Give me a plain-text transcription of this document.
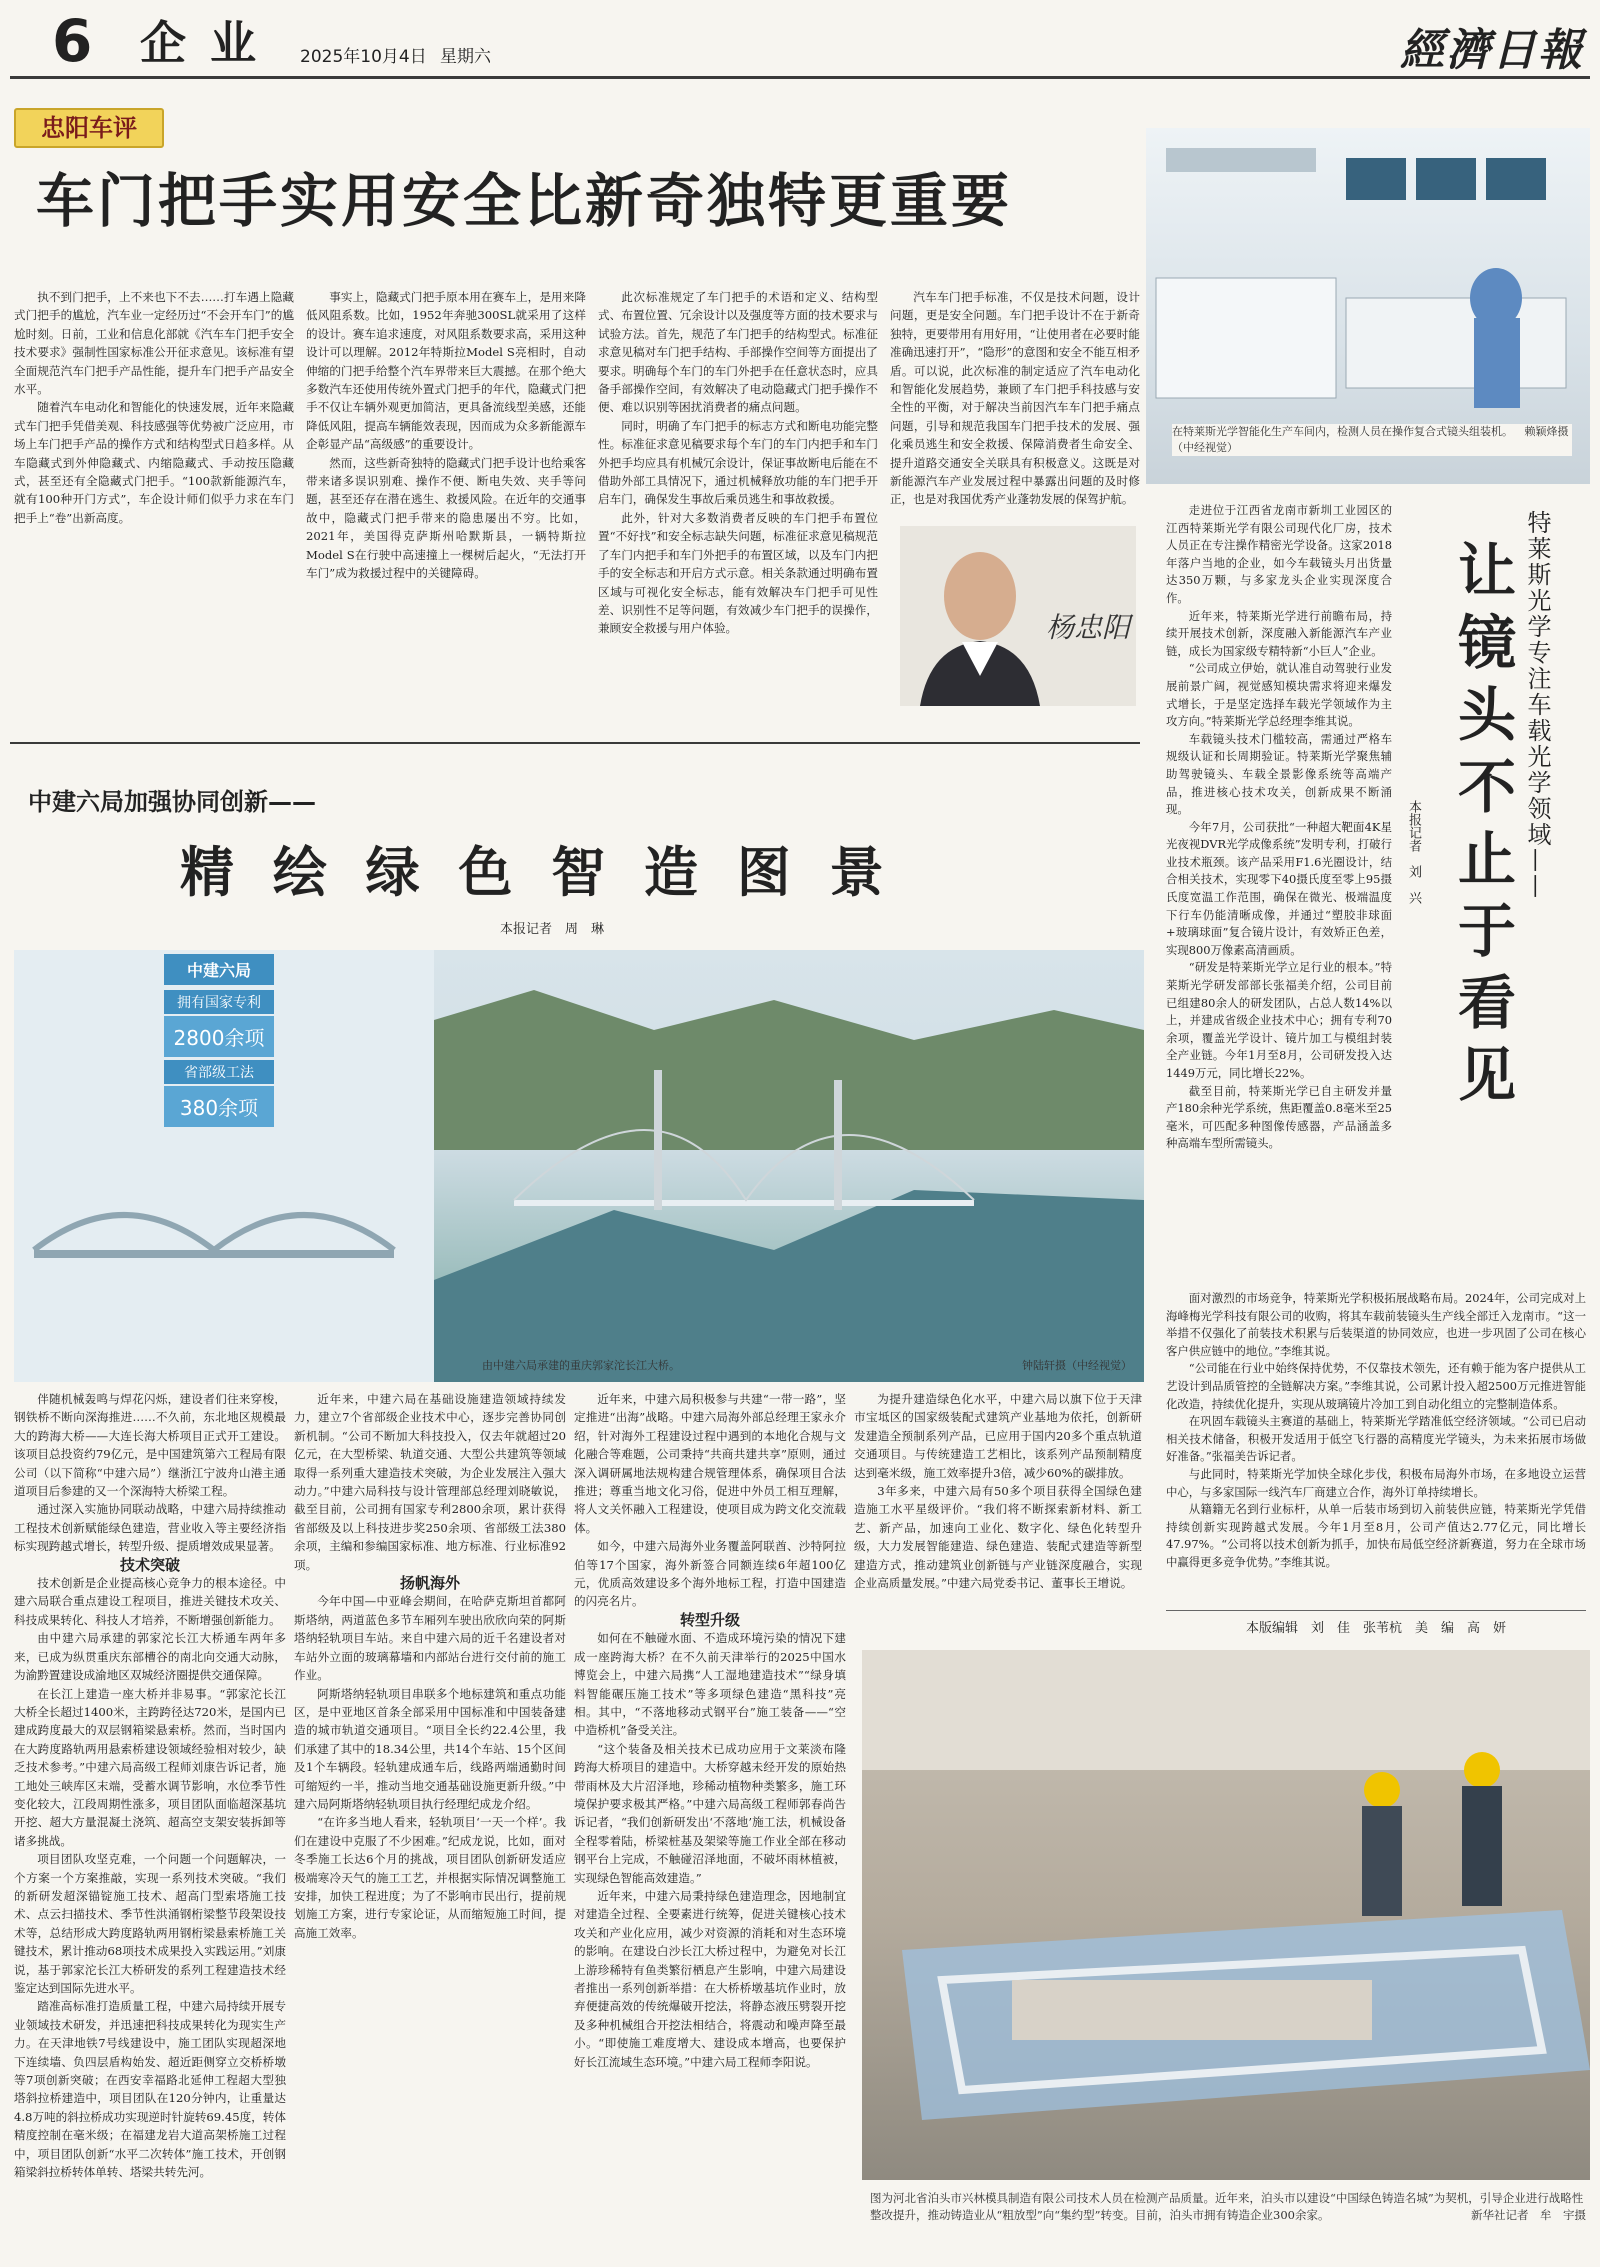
6 企 业 2025年10月4日 星期六	經濟日報
忠阳车评
车门把手实用安全比新奇独特更重要

执不到门把手，上不来也下不去……打车遇上隐藏式门把手的尴尬，汽车业一定经历过“不会开车门”的尴尬时刻。日前，工业和信息化部就《汽车车门把手安全技术要求》强制性国家标准公开征求意见。该标准有望全面规范汽车门把手产品性能，提升车门把手产品安全水平。

随着汽车电动化和智能化的快速发展，近年来隐藏式车门把手凭借美观、科技感强等优势被广泛应用，市场上车门把手产品的操作方式和结构型式日趋多样。从车隐藏式到外伸隐藏式、内缩隐藏式、手动按压隐藏式，甚至还有全隐藏式门把手。“100款新能源汽车，就有100种开门方式”，车企设计师们似乎力求在车门把手上“卷”出新高度。

事实上，隐藏式门把手原本用在赛车上，是用来降低风阻系数。比如，1952年奔驰300SL就采用了这样的设计。赛车追求速度，对风阻系数要求高，采用这种设计可以理解。2012年特斯拉Model S亮相时，自动伸缩的门把手给整个汽车界带来巨大震撼。在那个绝大多数汽车还使用传统外置式门把手的年代，隐藏式门把手不仅让车辆外观更加简洁，更具备流线型美感，还能降低风阻，提高车辆能效表现，因而成为众多新能源车企彰显产品“高级感”的重要设计。

然而，这些新奇独特的隐藏式门把手设计也给乘客带来诸多误识别难、操作不便、断电失效、夹手等问题，甚至还存在潜在逃生、救援风险。在近年的交通事故中，隐藏式门把手带来的隐患屡出不穷。比如，2021年，美国得克萨斯州哈默斯县，一辆特斯拉Model S在行驶中高速撞上一棵树后起火，“无法打开车门”成为救援过程中的关键障碍。

此次标准规定了车门把手的术语和定义、结构型式、布置位置、冗余设计以及强度等方面的技术要求与试验方法。首先，规范了车门把手的结构型式。标准征求意见稿对车门把手结构、手部操作空间等方面提出了要求。明确每个车门的车门外把手在任意状态时，应具备手部操作空间，有效解决了电动隐藏式门把手操作不便、难以识别等困扰消费者的痛点问题。

同时，明确了车门把手的标志方式和断电功能完整性。标准征求意见稿要求每个车门的车门内把手和车门外把手均应具有机械冗余设计，保证事故断电后能在不借助外部工具情况下，通过机械释放功能的车门把手开启车门，确保发生事故后乘员逃生和事故救援。

此外，针对大多数消费者反映的车门把手布置位置“不好找”和安全标志缺失问题，标准征求意见稿规范了车门内把手和车门外把手的布置区域，以及车门内把手的安全标志和开启方式示意。相关条款通过明确布置区域与可视化安全标志，能有效解决车门把手可见性差、识别性不足等问题，有效减少车门把手的误操作，兼顾安全救援与用户体验。

汽车车门把手标准，不仅是技术问题，设计问题，更是安全问题。车门把手设计不在于新奇独特，更要带用有用好用，“让使用者在必要时能准确迅速打开”，“隐形”的意图和安全不能互相矛盾。可以说，此次标准的制定适应了汽车电动化和智能化发展趋势，兼顾了车门把手科技感与安全性的平衡，对于解决当前因汽车车门把手痛点问题，引导和规范我国车门把手技术的发展、强化乘员逃生和安全救援、保障消费者生命安全、提升道路交通安全关联具有积极意义。这既是对新能源汽车产业发展过程中暴露出问题的及时修正，也是对我国优秀产业蓬勃发展的保驾护航。

杨忠阳
在特莱斯光学智能化生产车间内，检测人员在操作复合式镜头组装机。 赖颖烽摄（中经视觉）
特莱斯光学专注车载光学领域——
让镜头不止于看见
本报记者　刘　兴

走进位于江西省龙南市新圳工业园区的江西特莱斯光学有限公司现代化厂房，技术人员正在专注操作精密光学设备。这家2018年落户当地的企业，如今车载镜头月出货量达350万颗，与多家龙头企业实现深度合作。

近年来，特莱斯光学进行前瞻布局，持续开展技术创新，深度融入新能源汽车产业链，成长为国家级专精特新“小巨人”企业。

“公司成立伊始，就认准自动驾驶行业发展前景广阔，视觉感知模块需求将迎来爆发式增长，于是坚定选择车载光学领域作为主攻方向。”特莱斯光学总经理李维其说。

车载镜头技术门槛较高，需通过严格车规级认证和长周期验证。特莱斯光学聚焦辅助驾驶镜头、车载全景影像系统等高端产品，推进核心技术攻关，创新成果不断涌现。

今年7月，公司获批“一种超大靶面4K星光夜视DVR光学成像系统”发明专利，打破行业技术瓶颈。该产品采用F1.6光圈设计，结合相关技术，实现零下40摄氏度至零上95摄氏度宽温工作范围，确保在微光、极端温度下行车仍能清晰成像，并通过“塑胶非球面+玻璃球面”复合镜片设计，有效矫正色差，实现800万像素高清画质。

“研发是特莱斯光学立足行业的根本。”特莱斯光学研发部部长张福美介绍，公司目前已组建80余人的研发团队，占总人数14%以上，并建成省级企业技术中心；拥有专利70余项，覆盖光学设计、镜片加工与模组封装全产业链。今年1月至8月，公司研发投入达1449万元，同比增长22%。

截至目前，特莱斯光学已自主研发并量产180余种光学系统，焦距覆盖0.8毫米至25毫米，可匹配多种图像传感器，产品涵盖多种高端车型所需镜头。

面对激烈的市场竞争，特莱斯光学积极拓展战略布局。2024年，公司完成对上海峰梅光学科技有限公司的收购，将其车载前装镜头生产线全部迁入龙南市。“这一举措不仅强化了前装技术积累与后装渠道的协同效应，也进一步巩固了公司在核心客户供应链中的地位。”李维其说。

“公司能在行业中始终保持优势，不仅靠技术领先，还有赖于能为客户提供从工艺设计到品质管控的全链解决方案。”李维其说，公司累计投入超2500万元推进智能化改造，持续优化提升，实现从玻璃镜片冷加工到自动化组立的完整制造体系。

在巩固车载镜头主赛道的基础上，特莱斯光学踏准低空经济领域。“公司已启动相关技术储备，积极开发适用于低空飞行器的高精度光学镜头，为未来拓展市场做好准备。”张福美告诉记者。

与此同时，特莱斯光学加快全球化步伐，积极布局海外市场，在多地设立运营中心，与多家国际一线汽车厂商建立合作，海外订单持续增长。

从籍籍无名到行业标杆，从单一后装市场到切入前装供应链，特莱斯光学凭借持续创新实现跨越式发展。今年1月至8月，公司产值达2.77亿元，同比增长47.97%。“公司将以技术创新为抓手，加快布局低空经济新赛道，努力在全球市场中赢得更多竞争优势。”李维其说。

本版编辑　刘　佳　张苇杭　美　编　高　妍
中建六局加强协同创新——
精 绘 绿 色 智 造 图 景
本报记者　周　琳
中建六局
拥有国家专利
2800余项
省部级工法
380余项
由中建六局承建的重庆郭家沱长江大桥。	钟陆轩摄（中经视觉）

伴随机械轰鸣与焊花闪烁，建设者们往来穿梭，钢铁桥不断向深海推进……不久前，东北地区规模最大的跨海大桥——大连长海大桥项目正式开工建设。该项目总投资约79亿元，是中国建筑第六工程局有限公司（以下简称“中建六局”）继浙江宁波舟山港主通道项目后参建的又一个深海特大桥梁工程。

通过深入实施协同联动战略，中建六局持续推动工程技术创新赋能绿色建造，营业收入等主要经济指标实现跨越式增长，转型升级、提质增效成果显著。

技术突破

技术创新是企业提高核心竞争力的根本途径。中建六局联合重点建设工程项目，推进关键技术攻关、科技成果转化、科技人才培养，不断增强创新能力。

由中建六局承建的郭家沱长江大桥通车两年多来，已成为纵贯重庆东部槽谷的南北向交通大动脉，为渝黔置建设成渝地区双城经济圈提供交通保障。

在长江上建造一座大桥并非易事。“郭家沱长江大桥全长超过1400米，主跨跨径达720米，是国内已建成跨度最大的双层钢箱梁悬索桥。然而，当时国内在大跨度路轨两用悬索桥建设领域经验相对较少，缺乏技术参考。”中建六局高级工程师刘康告诉记者，施工地处三峡库区末端，受蓄水调节影响，水位季节性变化较大，江段周期性涨多，项目团队面临超深基坑开挖、超大方量混凝土浇筑、超高空支架安装拆卸等诸多挑战。

项目团队攻坚克难，一个问题一个问题解决，一个方案一个方案推敲，实现一系列技术突破。“我们的新研发超深锚锭施工技术、超高门型索塔施工技术、点云扫描技术、季节性洪涌钢桁梁整节段架设技术等，总结形成大跨度路轨两用钢桁梁悬索桥施工关键技术，累计推动68项技术成果投入实践运用。”刘康说，基于郭家沱长江大桥研发的系列工程建造技术经鉴定达到国际先进水平。

踏准高标准打造质量工程，中建六局持续开展专业领域技术研发，并迅速把科技成果转化为现实生产力。在天津地铁7号线建设中，施工团队实现超深地下连续墙、负四层盾构始发、超近距侧穿立交桥桥墩等7项创新突破；在西安幸福路北延伸工程超大型独塔斜拉桥建造中，项目团队在120分钟内，让重量达4.8万吨的斜拉桥成功实现逆时针旋转69.45度，转体精度控制在毫米级；在福建龙岩大道高架桥施工过程中，项目团队创新“水平二次转体”施工技术，开创钢箱梁斜拉桥转体单转、塔梁共转先河。

近年来，中建六局在基础设施建造领域持续发力，建立7个省部级企业技术中心，逐步完善协同创新机制。“公司不断加大科技投入，仅去年就超过20亿元，在大型桥梁、轨道交通、大型公共建筑等领域取得一系列重大建造技术突破，为企业发展注入强大动力。”中建六局科技与设计管理部总经理刘晓敏说，截至目前，公司拥有国家专利2800余项，累计获得省部级及以上科技进步奖250余项、省部级工法380余项，主编和参编国家标准、地方标准、行业标准92项。

扬帆海外

今年中国—中亚峰会期间，在哈萨克斯坦首都阿斯塔纳，两道蓝色多节车厢列车驶出欣欣向荣的阿斯塔纳轻轨项目车站。来自中建六局的近千名建设者对车站外立面的玻璃幕墙和内部站台进行交付前的施工作业。

阿斯塔纳轻轨项目串联多个地标建筑和重点功能区，是中亚地区首条全部采用中国标准和中国装备建造的城市轨道交通项目。“项目全长约22.4公里，我们承建了其中的18.34公里，共14个车站、15个区间及1个车辆段。轻轨建成通车后，线路两端通勤时间可缩短约一半，推动当地交通基础设施更新升级。”中建六局阿斯塔纳轻轨项目执行经理纪成龙介绍。

“在许多当地人看来，轻轨项目‘一天一个样’。我们在建设中克服了不少困难。”纪成龙说，比如，面对冬季施工长达6个月的挑战，项目团队创新研发适应极端寒冷天气的施工工艺，并根据实际情况调整施工安排，加快工程进度；为了不影响市民出行，提前规划施工方案，进行专家论证，从而缩短施工时间，提高施工效率。

近年来，中建六局积极参与共建“一带一路”，坚定推进“出海”战略。中建六局海外部总经理王家永介绍，针对海外工程建设过程中遇到的本地化合规与文化融合等难题，公司秉持“共商共建共享”原则，通过深入调研属地法规构建合规管理体系，确保项目合法推进；尊重当地文化习俗，促进中外员工相互理解，将人文关怀融入工程建设，使项目成为跨文化交流载体。

如今，中建六局海外业务覆盖阿联酋、沙特阿拉伯等17个国家，海外新签合同额连续6年超100亿元，优质高效建设多个海外地标工程，打造中国建造的闪亮名片。

转型升级

如何在不触碰水面、不造成环境污染的情况下建成一座跨海大桥？在不久前天津举行的2025中国水博览会上，中建六局携“人工湿地建造技术”“绿身填料智能碾压施工技术”等多项绿色建造“黑科技”亮相。其中，“不落地移动式钢平台”施工装备——“空中造桥机”备受关注。

“这个装备及相关技术已成功应用于文莱淡布隆跨海大桥项目的建造中。大桥穿越未经开发的原始热带雨林及大片沼泽地，珍稀动植物种类繁多，施工环境保护要求极其严格。”中建六局高级工程师郭春尚告诉记者，“我们创新研发出‘不落地’施工法，机械设备全程零着陆，桥梁桩基及架梁等施工作业全部在移动钢平台上完成，不触碰沼泽地面，不破坏雨林植被，实现绿色智能高效建造。”

近年来，中建六局秉持绿色建造理念，因地制宜对建造全过程、全要素进行统筹，促进关键核心技术攻关和产业化应用，减少对资源的消耗和对生态环境的影响。在建设白沙长江大桥过程中，为避免对长江上游珍稀特有鱼类繁衍栖息产生影响，中建六局建设者推出一系列创新举措：在大桥桥墩基坑作业时，放弃便捷高效的传统爆破开挖法，将静态液压劈裂开挖及多种机械组合开挖法相结合，将震动和噪声降至最小。“即使施工难度增大、建设成本增高，也要保护好长江流域生态环境。”中建六局工程师李阳说。

为提升建造绿色化水平，中建六局以旗下位于天津市宝坻区的国家级装配式建筑产业基地为依托，创新研发建造全预制系列产品，已应用于国内20多个重点轨道交通项目。与传统建造工艺相比，该系列产品预制精度达到毫米级，施工效率提升3倍，减少60%的碳排放。

3年多来，中建六局有50多个项目获得全国绿色建造施工水平星级评价。“我们将不断探索新材料、新工艺、新产品，加速向工业化、数字化、绿色化转型升级，大力发展智能建造、绿色建造、装配式建造等新型建造方式，推动建筑业创新链与产业链深度融合，实现企业高质量发展。”中建六局党委书记、董事长王增说。

图为河北省泊头市兴林模具制造有限公司技术人员在检测产品质量。近年来，泊头市以建设“中国绿色铸造名城”为契机，引导企业进行战略性整改提升，推动铸造业从“粗放型”向“集约型”转变。目前，泊头市拥有铸造企业300余家。	新华社记者　牟　宇摄
